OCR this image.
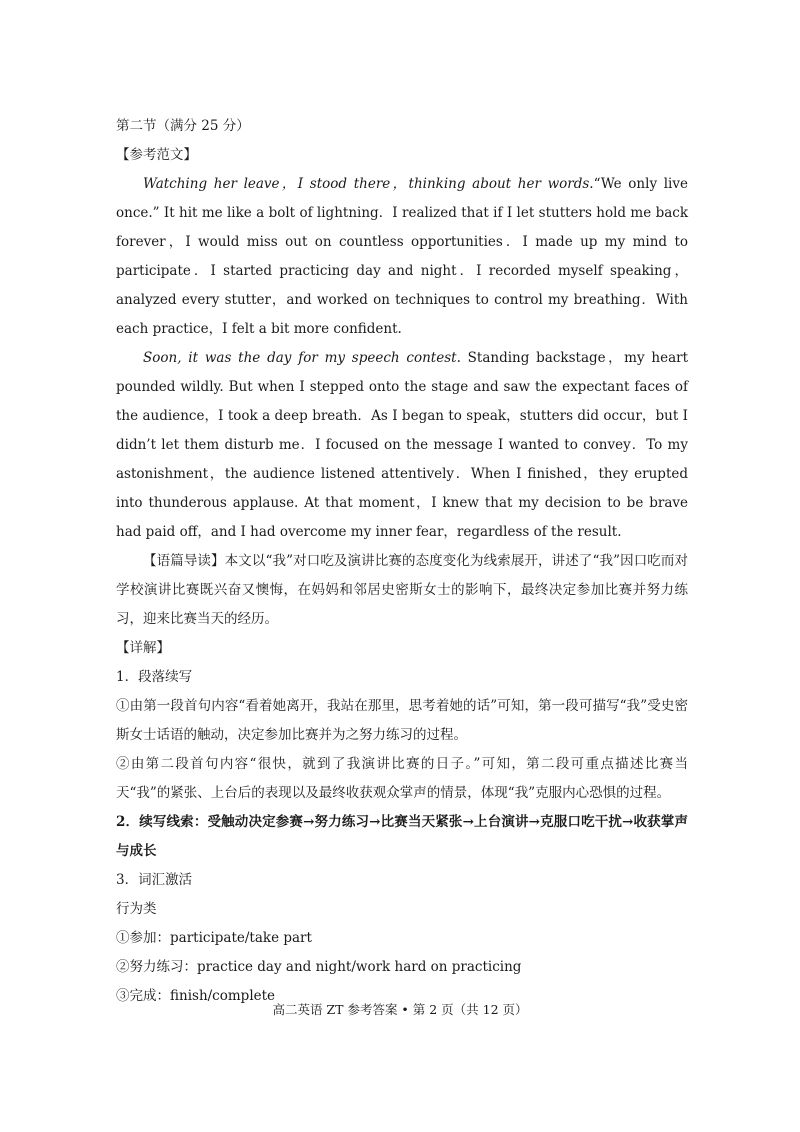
第二节（满分 25 分）
【参考范文】
Watching her leave，I stood there，thinking about her words.“We only live once.” It hit me like a bolt of lightning．I realized that if I let stutters hold me back forever，I would miss out on countless opportunities．I made up my mind to participate．I started practicing day and night．I recorded myself speaking，analyzed every stutter，and worked on techniques to control my breathing．With each practice，I felt a bit more confident.
Soon, it was the day for my speech contest. Standing backstage，my heart pounded wildly. But when I stepped onto the stage and saw the expectant faces of the audience，I took a deep breath．As I began to speak，stutters did occur，but I didn’t let them disturb me．I focused on the message I wanted to convey．To my astonishment，the audience listened attentively．When I finished，they erupted into thunderous applause. At that moment，I knew that my decision to be brave had paid off，and I had overcome my inner fear，regardless of the result.
【语篇导读】本文以“我”对口吃及演讲比赛的态度变化为线索展开，讲述了“我”因口吃而对学校演讲比赛既兴奋又懊悔，在妈妈和邻居史密斯女士的影响下，最终决定参加比赛并努力练习，迎来比赛当天的经历。
【详解】
1．段落续写
①由第一段首句内容“看着她离开，我站在那里，思考着她的话”可知，第一段可描写“我”受史密斯女士话语的触动，决定参加比赛并为之努力练习的过程。
②由第二段首句内容“很快，就到了我演讲比赛的日子。”可知，第二段可重点描述比赛当天“我”的紧张、上台后的表现以及最终收获观众掌声的情景，体现“我”克服内心恐惧的过程。
2．续写线索：受触动决定参赛→努力练习→比赛当天紧张→上台演讲→克服口吃干扰→收获掌声与成长
3．词汇激活
行为类
①参加：participate/take part
②努力练习：practice day and night/work hard on practicing
③完成：finish/complete
高二英语 ZT 参考答案 • 第 2 页（共 12 页）
